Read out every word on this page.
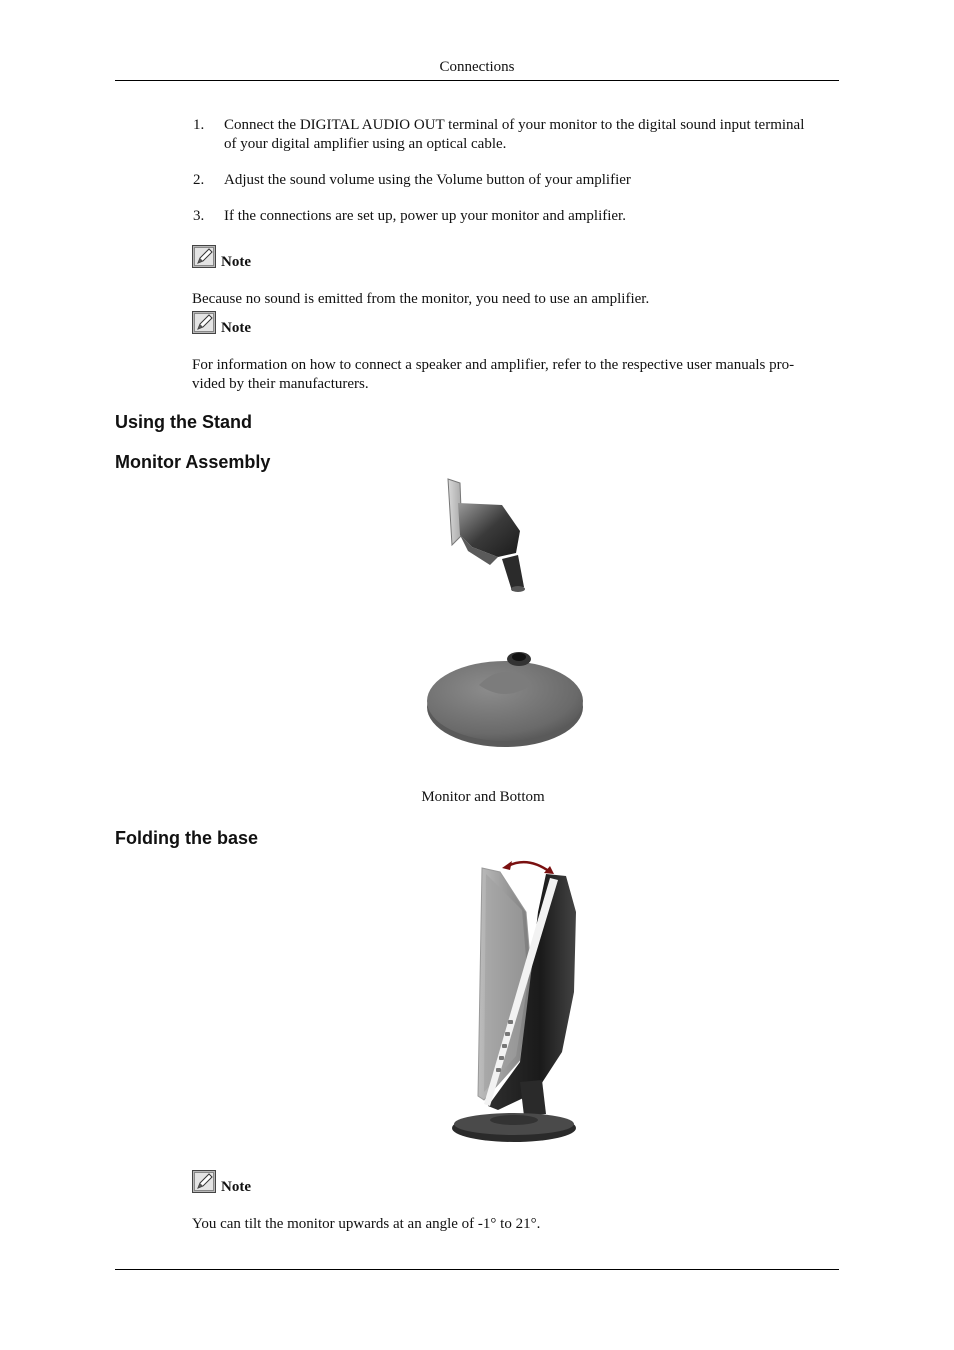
Connections
1. Connect the DIGITAL AUDIO OUT terminal of your monitor to the digital sound input terminal
of your digital amplifier using an optical cable.
2. Adjust the sound volume using the Volume button of your amplifier
3. If the connections are set up, power up your monitor and amplifier.
Note
Because no sound is emitted from the monitor, you need to use an amplifier.
Note
For information on how to connect a speaker and amplifier, refer to the respective user manuals pro-
vided by their manufacturers.
Using the Stand
Monitor Assembly
Monitor and Bottom
Folding the base
Note
You can tilt the monitor upwards at an angle of -1° to 21°.
